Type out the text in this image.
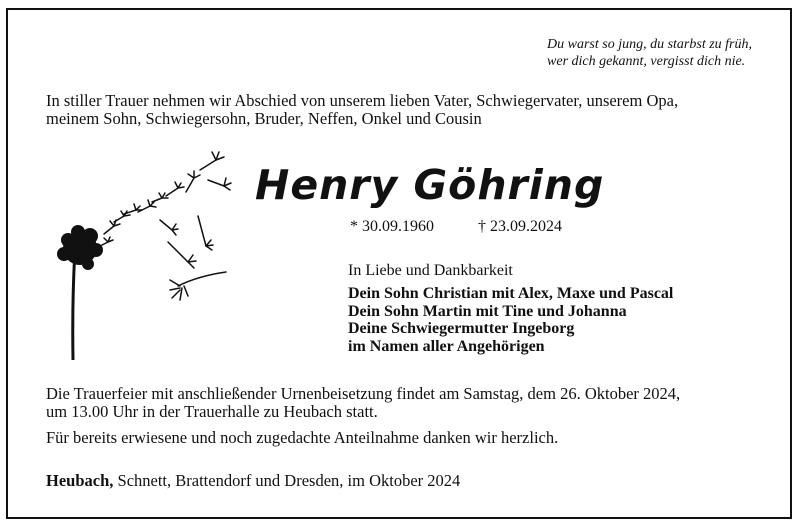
Du warst so jung, du starbst zu früh,
wer dich gekannt, vergisst dich nie.
In stiller Trauer nehmen wir Abschied von unserem lieben Vater, Schwiegervater, unserem Opa,
meinem Sohn, Schwiegersohn, Bruder, Neffen, Onkel und Cousin
Henry Göhring
* 30.09.1960	† 23.09.2024
In Liebe und Dankbarkeit
Dein Sohn Christian mit Alex, Maxe und Pascal
Dein Sohn Martin mit Tine und Johanna
Deine Schwiegermutter Ingeborg
im Namen aller Angehörigen
Die Trauerfeier mit anschließender Urnenbeisetzung findet am Samstag, dem 26. Oktober 2024,
um 13.00 Uhr in der Trauerhalle zu Heubach statt.
Für bereits erwiesene und noch zugedachte Anteilnahme danken wir herzlich.
Heubach, Schnett, Brattendorf und Dresden, im Oktober 2024
